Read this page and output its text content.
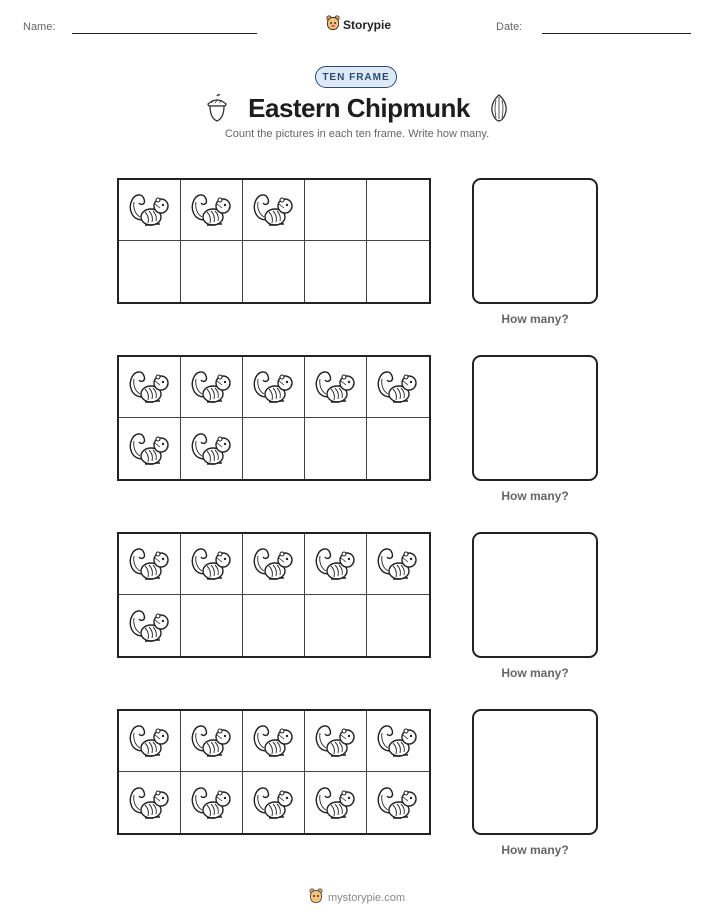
Name:	Storypie	Date:
TEN FRAME
Eastern Chipmunk
Count the pictures in each ten frame. Write how many.
How many?
How many?
How many?
How many?
mystorypie.com
